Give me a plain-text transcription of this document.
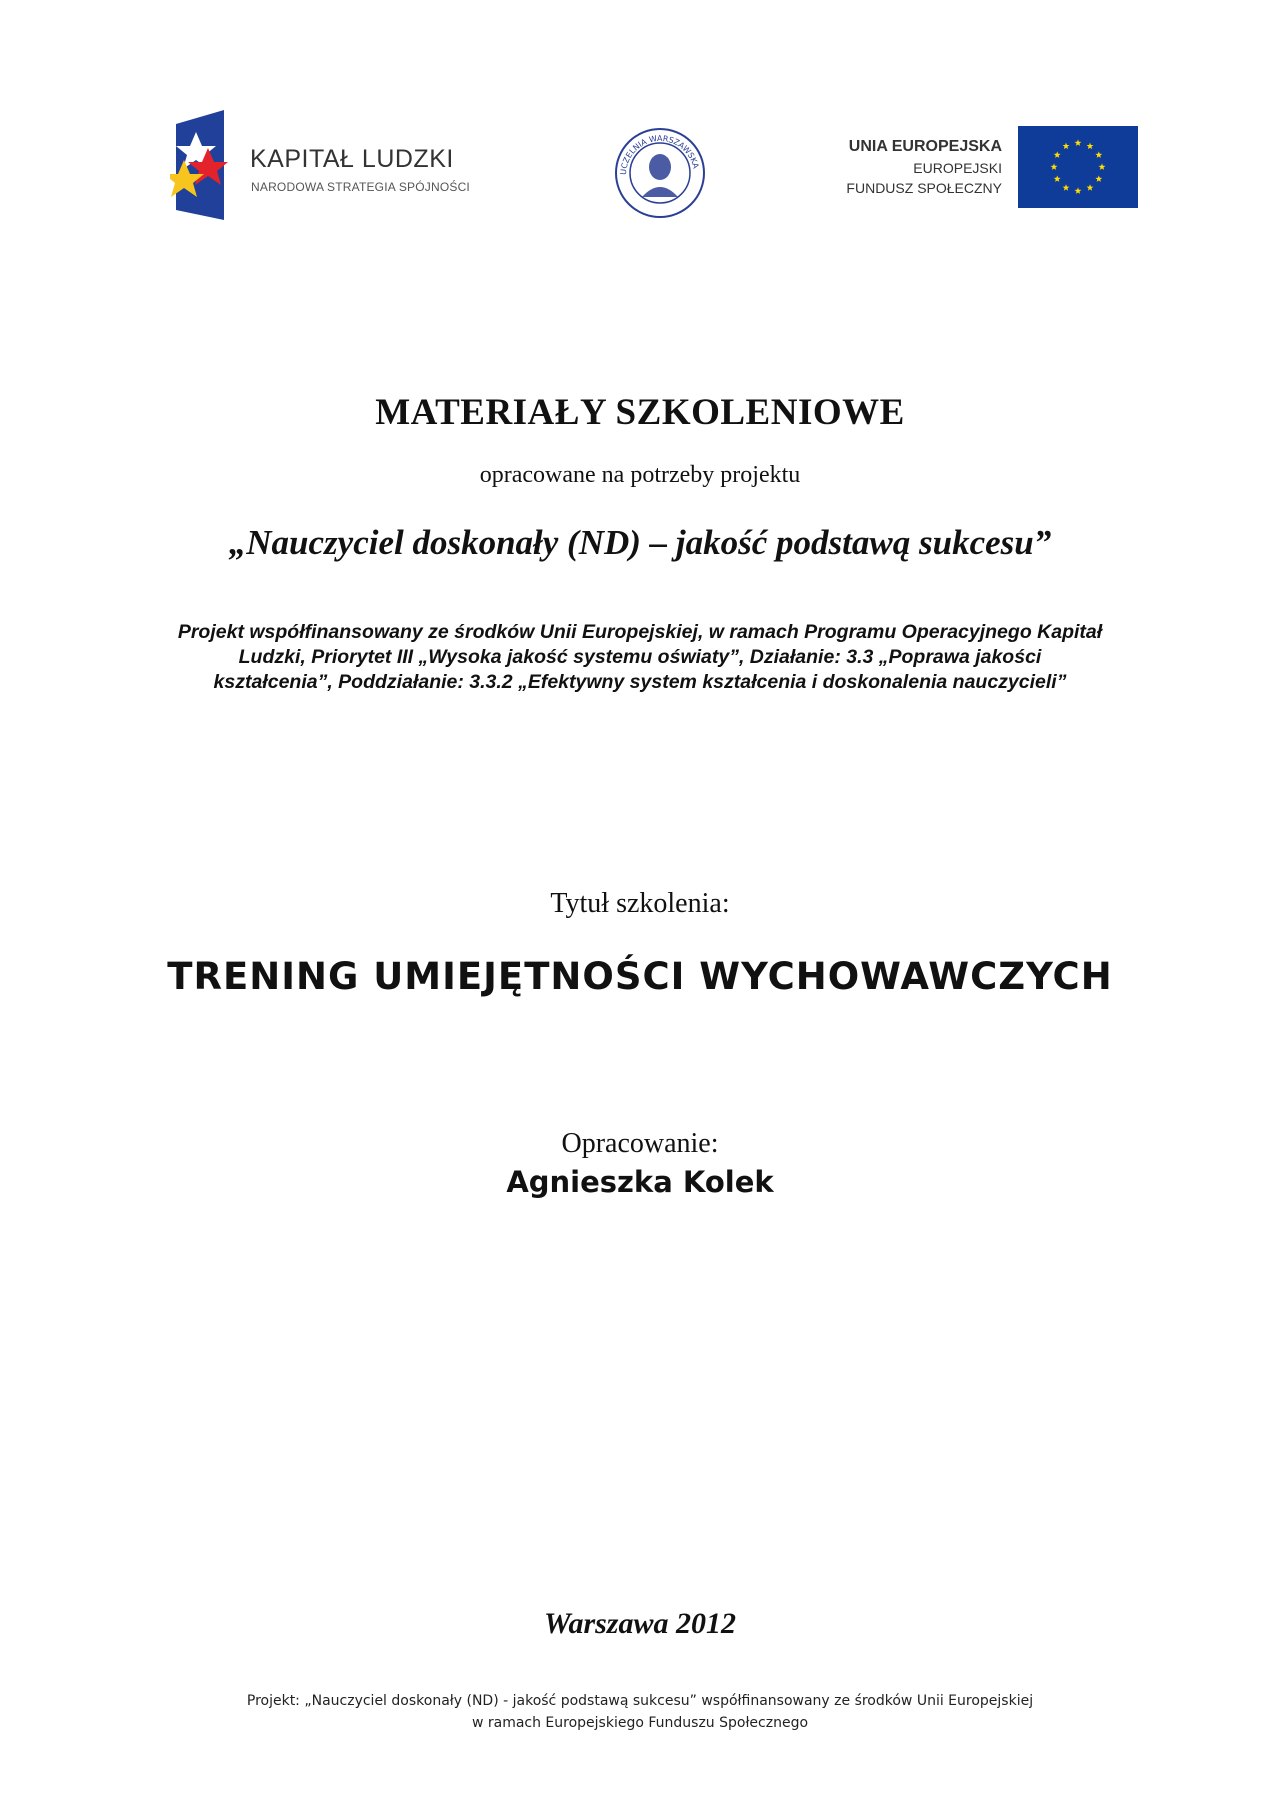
KAPITAŁ LUDZKI
NARODOWA STRATEGIA SPÓJNOŚCI
UCZELNIA WARSZAWSKA
UNIA EUROPEJSKA
EUROPEJSKI
FUNDUSZ SPOŁECZNY
MATERIAŁY SZKOLENIOWE
opracowane na potrzeby projektu
„Nauczyciel doskonały (ND) – jakość podstawą sukcesu”
Projekt współfinansowany ze środków Unii Europejskiej, w ramach Programu Operacyjnego Kapitał
Ludzki, Priorytet III „Wysoka jakość systemu oświaty”, Działanie: 3.3 „Poprawa jakości
kształcenia”, Poddziałanie: 3.3.2 „Efektywny system kształcenia i doskonalenia nauczycieli”
Tytuł szkolenia:
TRENING UMIEJĘTNOŚCI WYCHOWAWCZYCH
Opracowanie:
Agnieszka Kolek
Warszawa 2012
Projekt: „Nauczyciel doskonały (ND) - jakość podstawą sukcesu” współfinansowany ze środków Unii Europejskiej
w ramach Europejskiego Funduszu Społecznego
